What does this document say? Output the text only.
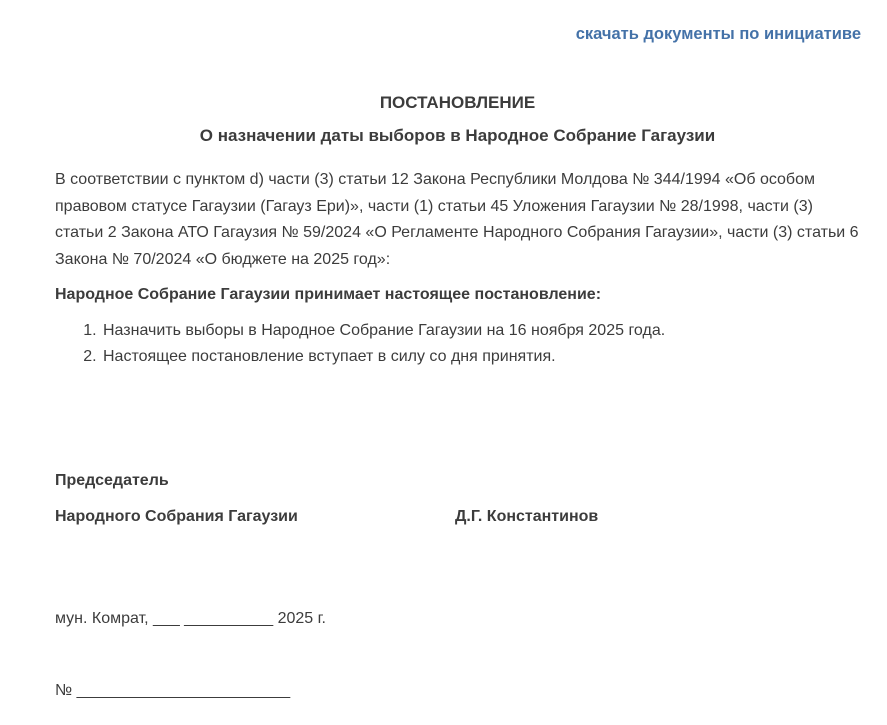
скачать документы по инициативе
ПОСТАНОВЛЕНИЕ
О назначении даты выборов в Народное Собрание Гагаузии

В соответствии с пунктом d) части (3) статьи 12 Закона Республики Молдова № 344/1994 «Об особом правовом статусе Гагаузии (Гагауз Ери)», части (1) статьи 45 Уложения Гагаузии № 28/1998, части (3) статьи 2 Закона АТО Гагаузия № 59/2024 «О Регламенте Народного Собрания Гагаузии», части (3) статьи 6 Закона № 70/2024 «О бюджете на 2025 год»:

Народное Собрание Гагаузии принимает настоящее постановление:

1. Назначить выборы в Народное Собрание Гагаузии на 16 ноября 2025 года.
2. Настоящее постановление вступает в силу со дня принятия.

Председатель

Народного Собрания Гагаузии	Д.Г. Константинов

мун. Комрат, ___ __________ 2025 г.

№ ________________________
